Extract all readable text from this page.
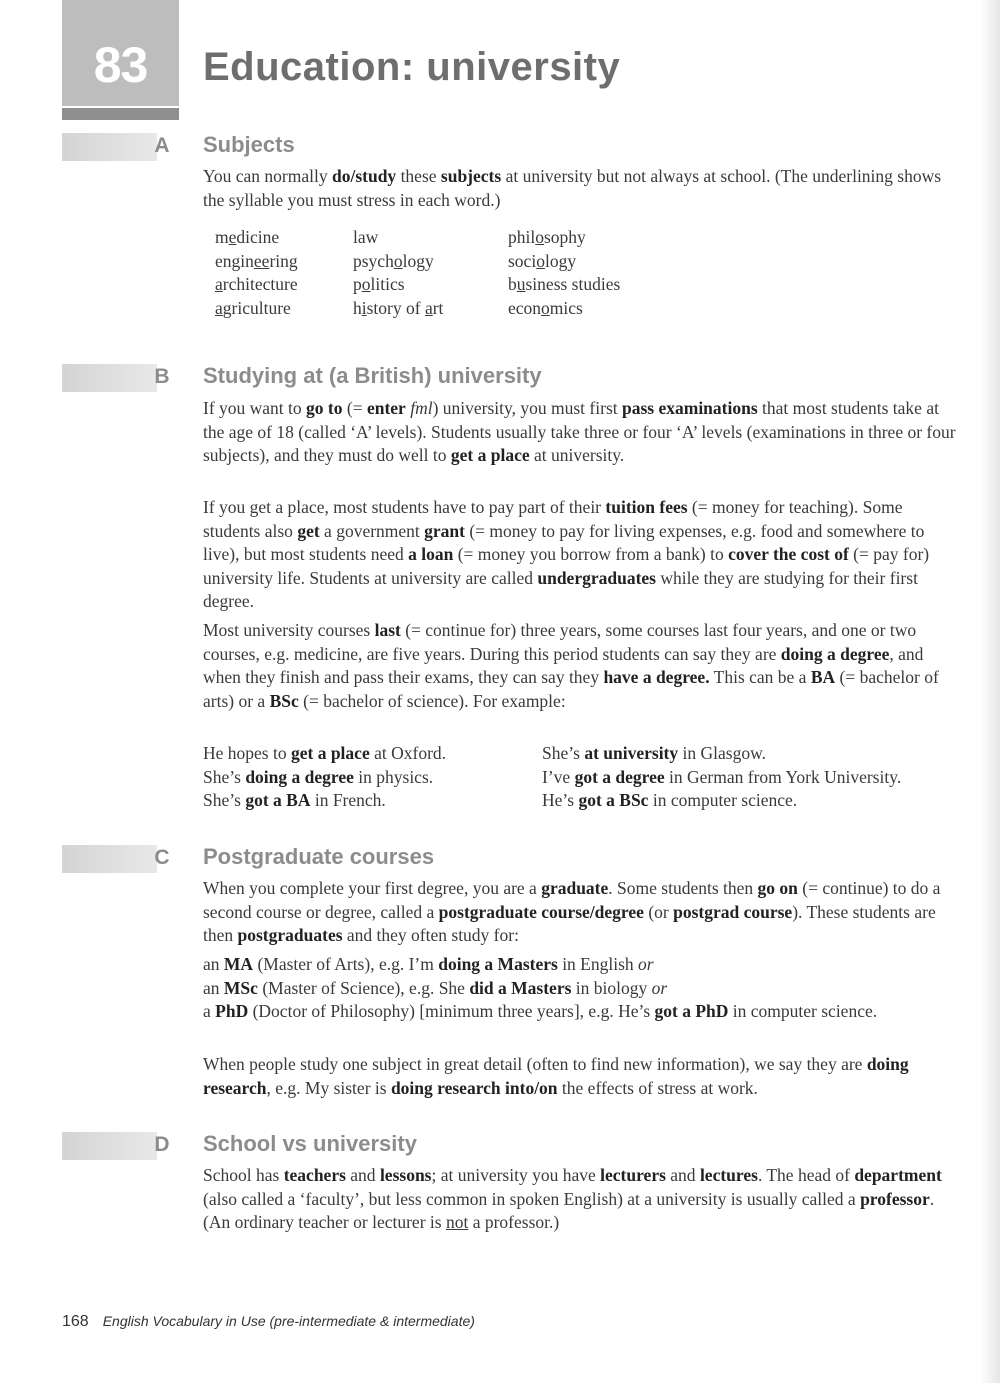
83	Education: university
A Subjects

You can normally do/study these subjects at university but not always at school. (The underlining shows the syllable you must stress in each word.)

medicine
engineering
architecture
agriculture
law
psychology
politics
history of art
philosophy
sociology
business studies
economics
B Studying at (a British) university

If you want to go to (= enter fml) university, you must first pass examinations that most students take at the age of 18 (called ‘A’ levels). Students usually take three or four ‘A’ levels (examinations in three or four subjects), and they must do well to get a place at university.

If you get a place, most students have to pay part of their tuition fees (= money for teaching). Some students also get a government grant (= money to pay for living expenses, e.g. food and somewhere to live), but most students need a loan (= money you borrow from a bank) to cover the cost of (= pay for) university life. Students at university are called undergraduates while they are studying for their first degree.

Most university courses last (= continue for) three years, some courses last four years, and one or two courses, e.g. medicine, are five years. During this period students can say they are doing a degree, and when they finish and pass their exams, they can say they have a degree. This can be a BA (= bachelor of arts) or a BSc (= bachelor of science). For example:

He hopes to get a place at Oxford.
She’s doing a degree in physics.
She’s got a BA in French.
She’s at university in Glasgow.
I’ve got a degree in German from York University.
He’s got a BSc in computer science.
C Postgraduate courses

When you complete your first degree, you are a graduate. Some students then go on (= continue) to do a second course or degree, called a postgraduate course/degree (or postgrad course). These students are then postgraduates and they often study for:

an MA (Master of Arts), e.g. I’m doing a Masters in English or
an MSc (Master of Science), e.g. She did a Masters in biology or
a PhD (Doctor of Philosophy) [minimum three years], e.g. He’s got a PhD in computer science.

When people study one subject in great detail (often to find new information), we say they are doing research, e.g. My sister is doing research into/on the effects of stress at work.

D School vs university

School has teachers and lessons; at university you have lecturers and lectures. The head of department (also called a ‘faculty’, but less common in spoken English) at a university is usually called a professor. (An ordinary teacher or lecturer is not a professor.)

168 English Vocabulary in Use (pre-intermediate & intermediate)
